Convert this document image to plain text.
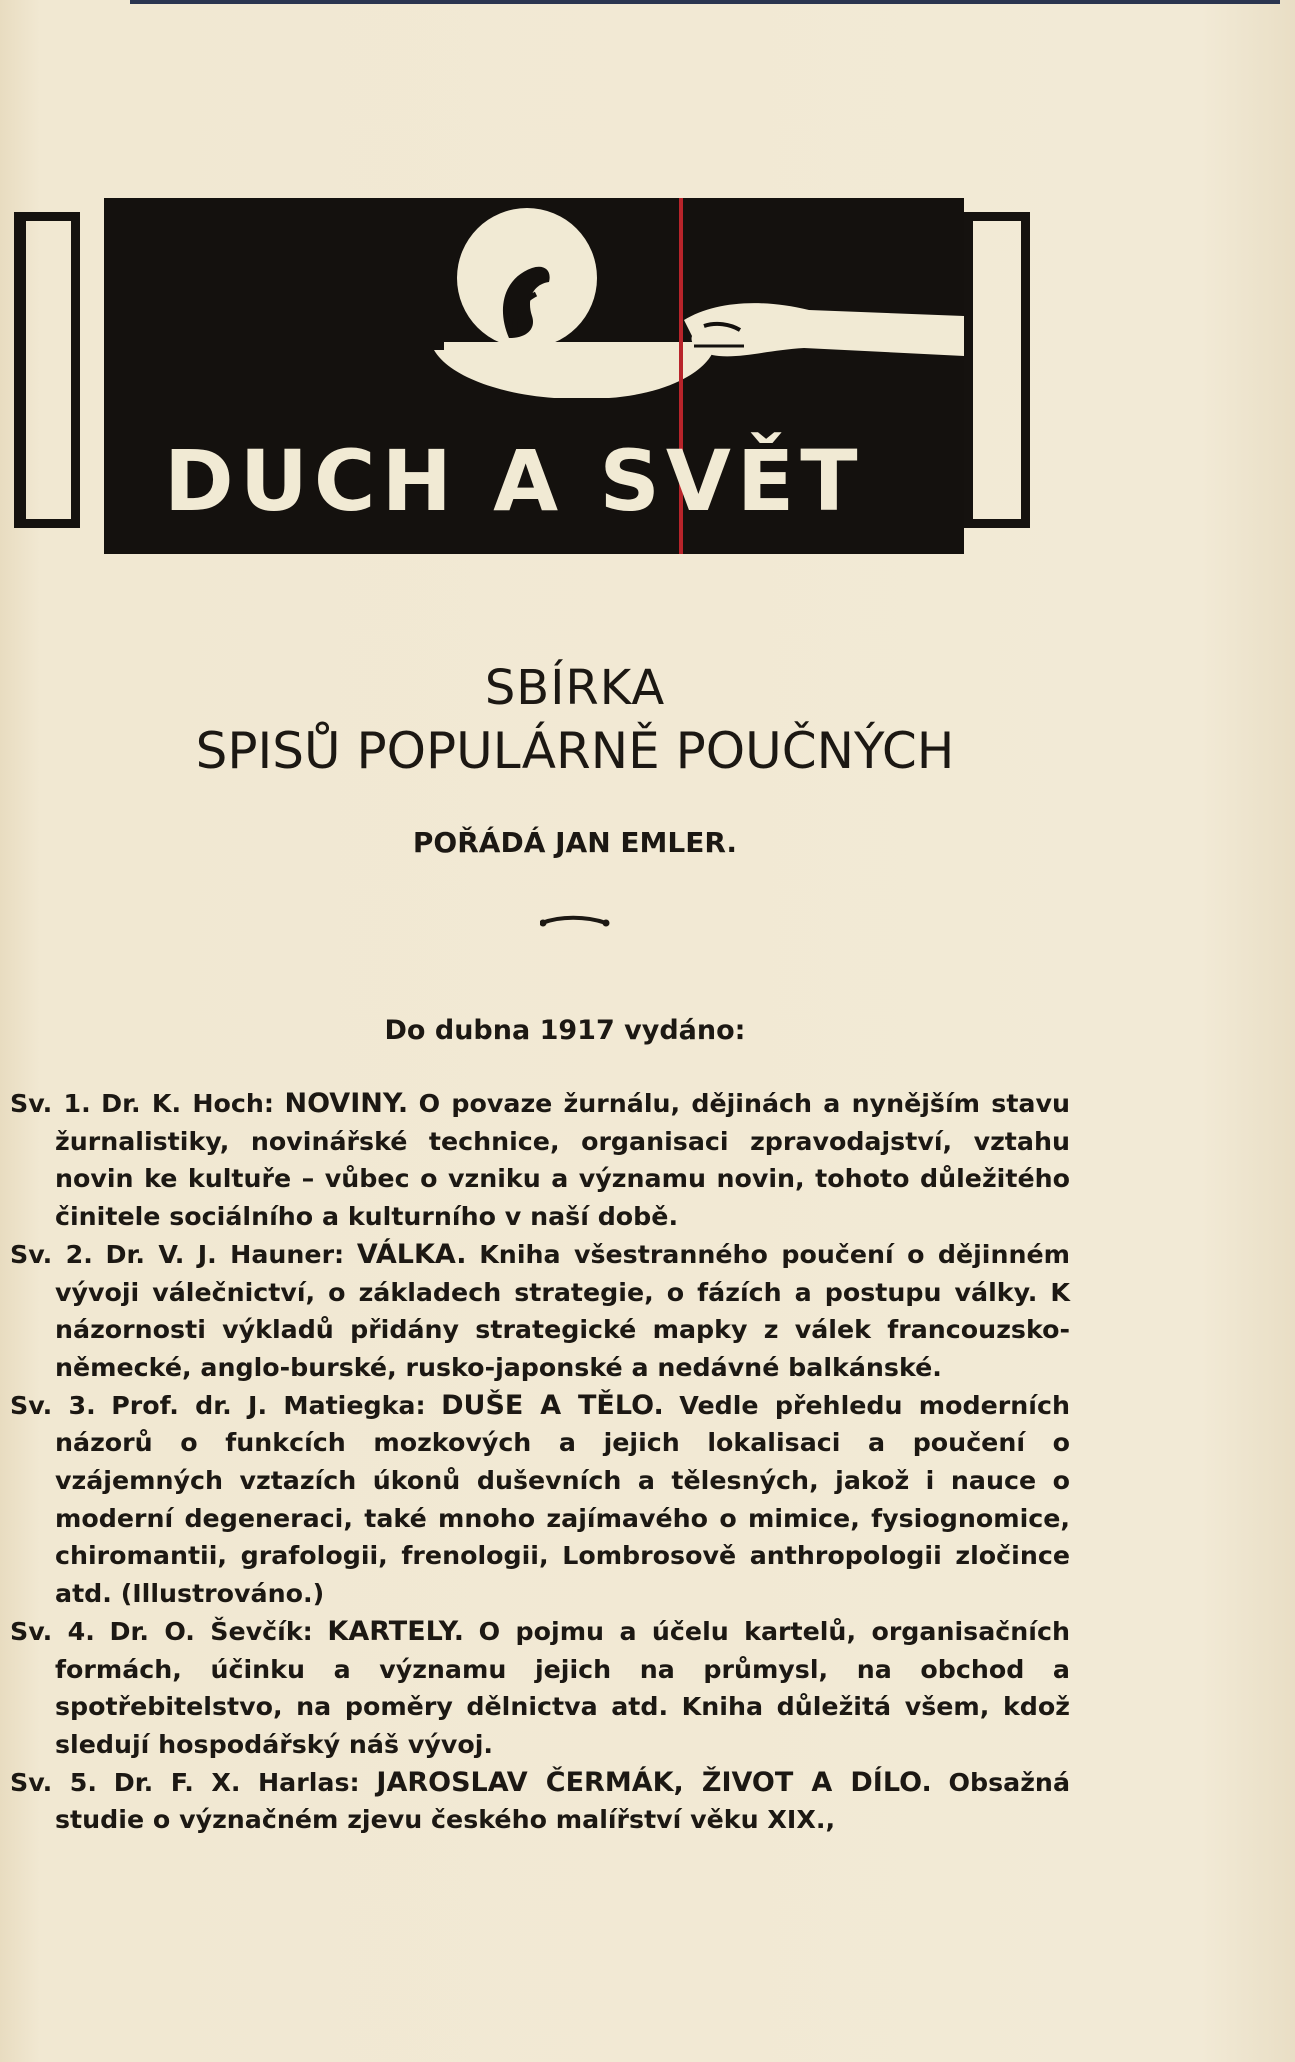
DUCH A SVĚT
SBÍRKA
SPISŮ POPULÁRNĚ POUČNÝCH
POŘÁDÁ JAN EMLER.
Do dubna 1917 vydáno:

Sv. 1. Dr. K. Hoch: NOVINY. O povaze žurnálu, dějinách a nynějším stavu žurnalistiky, novinářské technice, organisaci zpravodajství, vztahu novin ke kultuře – vůbec o vzniku a významu novin, tohoto důležitého činitele sociálního a kulturního v naší době.

Sv. 2. Dr. V. J. Hauner: VÁLKA. Kniha všestranného poučení o dějinném vývoji válečnictví, o základech strategie, o fázích a postupu války. K názornosti výkladů přidány strategické mapky z válek francouzsko-německé, anglo-burské, rusko-japonské a nedávné balkánské.

Sv. 3. Prof. dr. J. Matiegka: DUŠE A TĚLO. Vedle přehledu moderních názorů o funkcích mozkových a jejich lokalisaci a poučení o vzájemných vztazích úkonů duševních a tělesných, jakož i nauce o moderní degeneraci, také mnoho zajímavého o mimice, fysiognomice, chiromantii, grafologii, frenologii, Lombrosově anthropologii zločince atd. (Illustrováno.)

Sv. 4. Dr. O. Ševčík: KARTELY. O pojmu a účelu kartelů, organisačních formách, účinku a významu jejich na průmysl, na obchod a spotřebitelstvo, na poměry dělnictva atd. Kniha důležitá všem, kdož sledují hospodářský náš vývoj.

Sv. 5. Dr. F. X. Harlas: JAROSLAV ČERMÁK, ŽIVOT A DÍLO. Obsažná studie o význačném zjevu českého malířství věku XIX.,
